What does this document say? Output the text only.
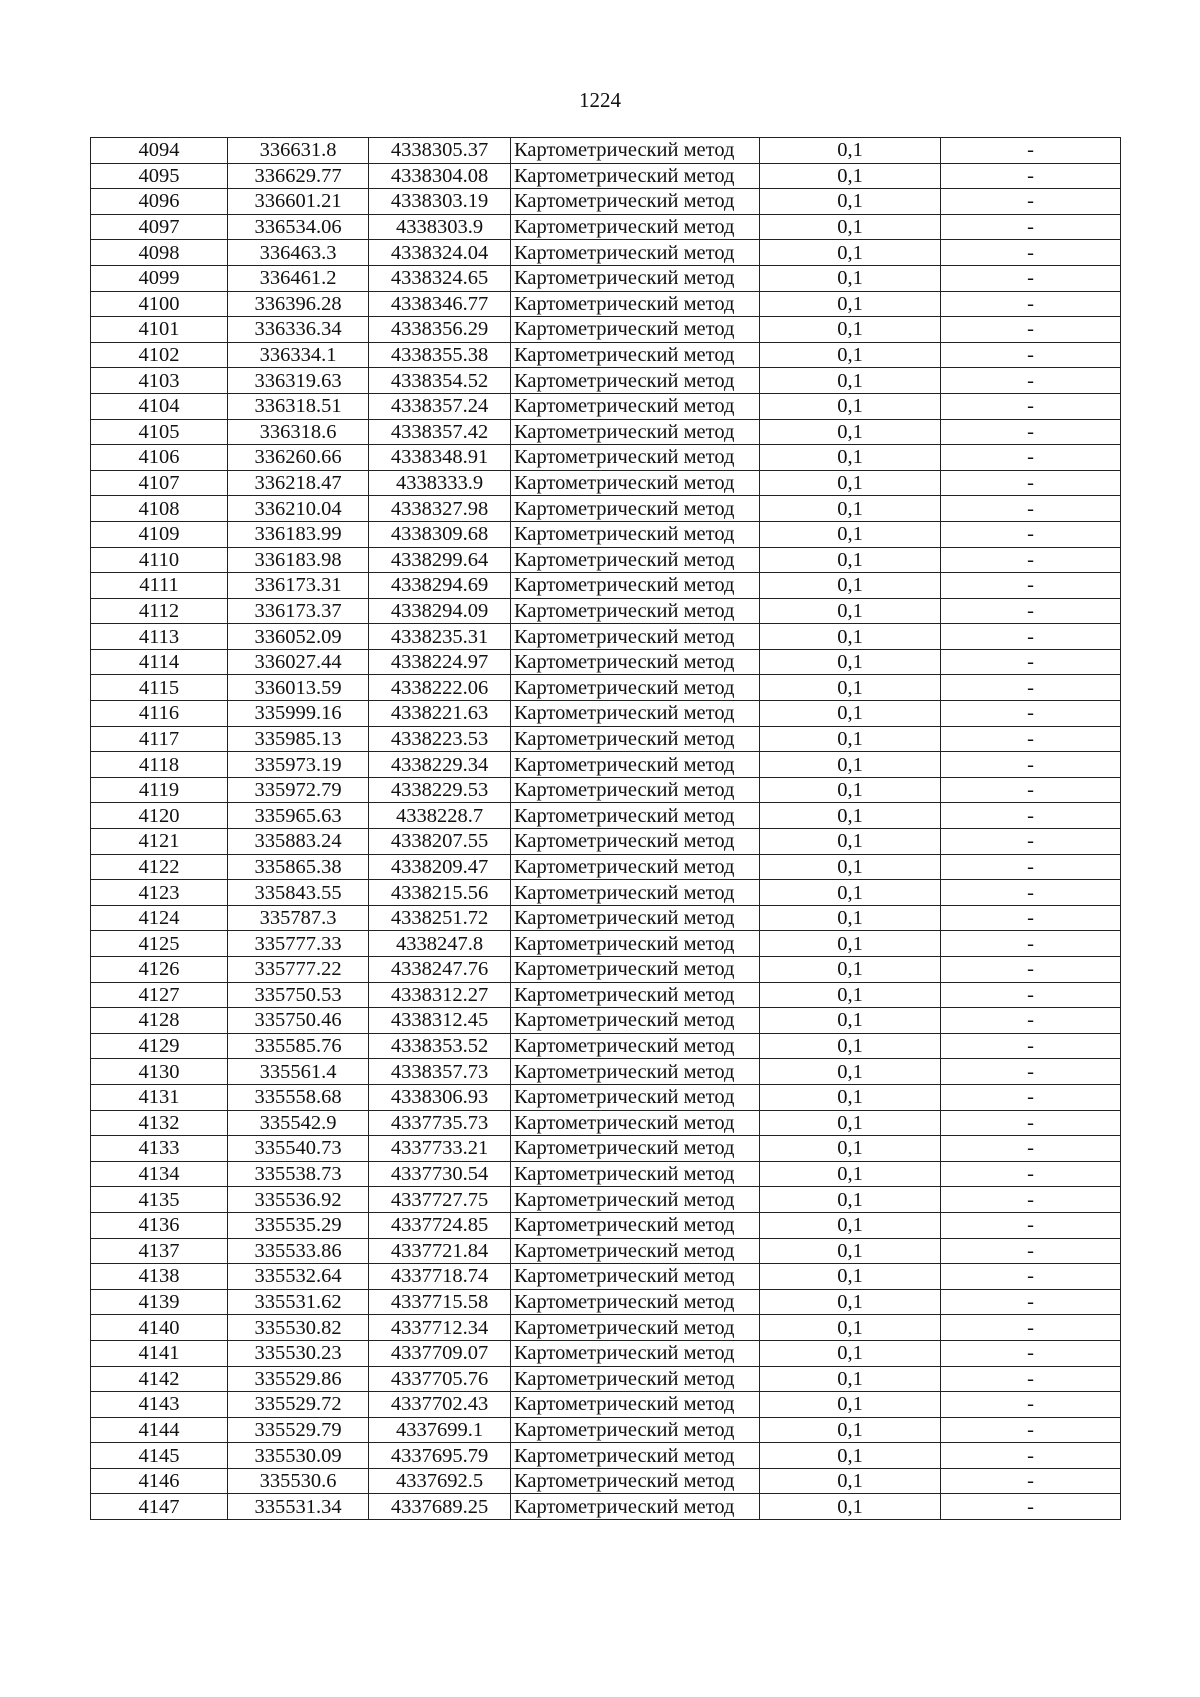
1224
4094	336631.8	4338305.37	Картометрический метод	0,1	-
4095	336629.77	4338304.08	Картометрический метод	0,1	-
4096	336601.21	4338303.19	Картометрический метод	0,1	-
4097	336534.06	4338303.9	Картометрический метод	0,1	-
4098	336463.3	4338324.04	Картометрический метод	0,1	-
4099	336461.2	4338324.65	Картометрический метод	0,1	-
4100	336396.28	4338346.77	Картометрический метод	0,1	-
4101	336336.34	4338356.29	Картометрический метод	0,1	-
4102	336334.1	4338355.38	Картометрический метод	0,1	-
4103	336319.63	4338354.52	Картометрический метод	0,1	-
4104	336318.51	4338357.24	Картометрический метод	0,1	-
4105	336318.6	4338357.42	Картометрический метод	0,1	-
4106	336260.66	4338348.91	Картометрический метод	0,1	-
4107	336218.47	4338333.9	Картометрический метод	0,1	-
4108	336210.04	4338327.98	Картометрический метод	0,1	-
4109	336183.99	4338309.68	Картометрический метод	0,1	-
4110	336183.98	4338299.64	Картометрический метод	0,1	-
4111	336173.31	4338294.69	Картометрический метод	0,1	-
4112	336173.37	4338294.09	Картометрический метод	0,1	-
4113	336052.09	4338235.31	Картометрический метод	0,1	-
4114	336027.44	4338224.97	Картометрический метод	0,1	-
4115	336013.59	4338222.06	Картометрический метод	0,1	-
4116	335999.16	4338221.63	Картометрический метод	0,1	-
4117	335985.13	4338223.53	Картометрический метод	0,1	-
4118	335973.19	4338229.34	Картометрический метод	0,1	-
4119	335972.79	4338229.53	Картометрический метод	0,1	-
4120	335965.63	4338228.7	Картометрический метод	0,1	-
4121	335883.24	4338207.55	Картометрический метод	0,1	-
4122	335865.38	4338209.47	Картометрический метод	0,1	-
4123	335843.55	4338215.56	Картометрический метод	0,1	-
4124	335787.3	4338251.72	Картометрический метод	0,1	-
4125	335777.33	4338247.8	Картометрический метод	0,1	-
4126	335777.22	4338247.76	Картометрический метод	0,1	-
4127	335750.53	4338312.27	Картометрический метод	0,1	-
4128	335750.46	4338312.45	Картометрический метод	0,1	-
4129	335585.76	4338353.52	Картометрический метод	0,1	-
4130	335561.4	4338357.73	Картометрический метод	0,1	-
4131	335558.68	4338306.93	Картометрический метод	0,1	-
4132	335542.9	4337735.73	Картометрический метод	0,1	-
4133	335540.73	4337733.21	Картометрический метод	0,1	-
4134	335538.73	4337730.54	Картометрический метод	0,1	-
4135	335536.92	4337727.75	Картометрический метод	0,1	-
4136	335535.29	4337724.85	Картометрический метод	0,1	-
4137	335533.86	4337721.84	Картометрический метод	0,1	-
4138	335532.64	4337718.74	Картометрический метод	0,1	-
4139	335531.62	4337715.58	Картометрический метод	0,1	-
4140	335530.82	4337712.34	Картометрический метод	0,1	-
4141	335530.23	4337709.07	Картометрический метод	0,1	-
4142	335529.86	4337705.76	Картометрический метод	0,1	-
4143	335529.72	4337702.43	Картометрический метод	0,1	-
4144	335529.79	4337699.1	Картометрический метод	0,1	-
4145	335530.09	4337695.79	Картометрический метод	0,1	-
4146	335530.6	4337692.5	Картометрический метод	0,1	-
4147	335531.34	4337689.25	Картометрический метод	0,1	-
